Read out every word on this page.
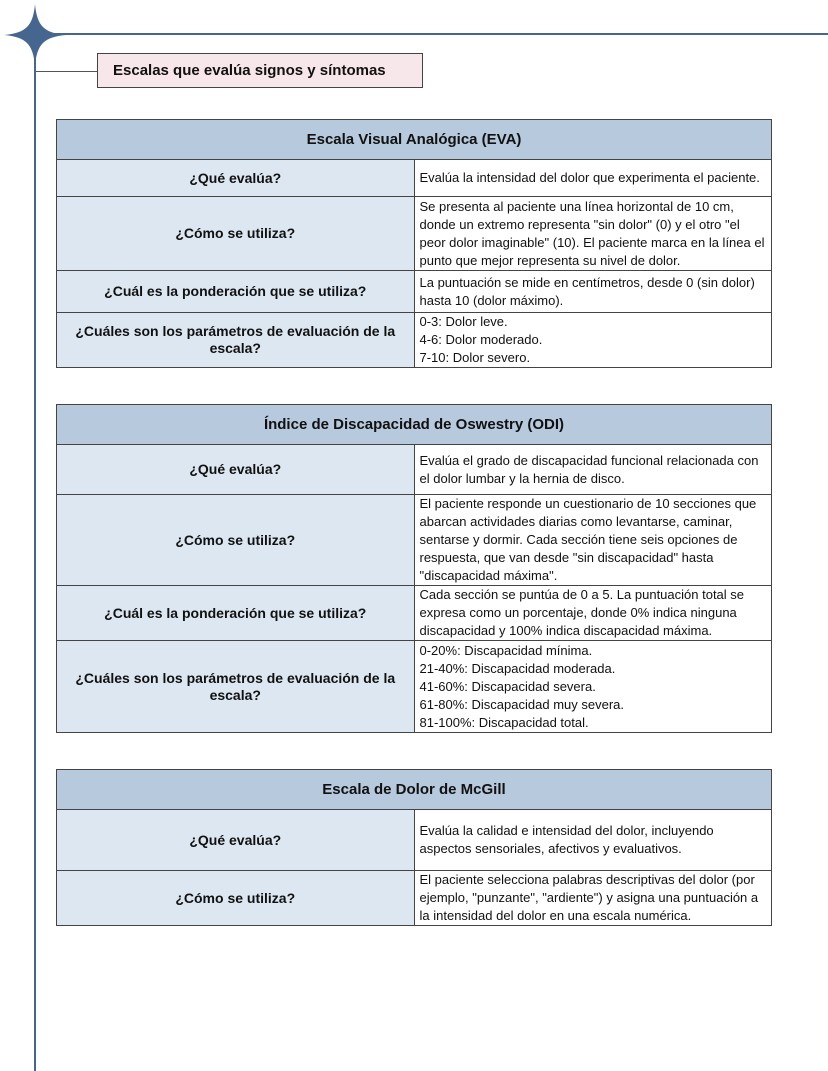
Escalas que evalúa signos y síntomas
Escala Visual Analógica (EVA)	
¿Qué evalúa?	Evalúa la intensidad del dolor que experimenta el paciente.
¿Cómo se utiliza?	Se presenta al paciente una línea horizontal de 10 cm, donde un extremo representa "sin dolor" (0) y el otro "el peor dolor imaginable" (10). El paciente marca en la línea el punto que mejor representa su nivel de dolor.
¿Cuál es la ponderación que se utiliza?	La puntuación se mide en centímetros, desde 0 (sin dolor) hasta 10 (dolor máximo).
¿Cuáles son los parámetros de evaluación de la escala?	0-3: Dolor leve.
4-6: Dolor moderado.
7-10: Dolor severo.
Índice de Discapacidad de Oswestry (ODI)	
¿Qué evalúa?	Evalúa el grado de discapacidad funcional relacionada con el dolor lumbar y la hernia de disco.
¿Cómo se utiliza?	El paciente responde un cuestionario de 10 secciones que abarcan actividades diarias como levantarse, caminar, sentarse y dormir. Cada sección tiene seis opciones de respuesta, que van desde "sin discapacidad" hasta "discapacidad máxima".
¿Cuál es la ponderación que se utiliza?	Cada sección se puntúa de 0 a 5. La puntuación total se expresa como un porcentaje, donde 0% indica ninguna discapacidad y 100% indica discapacidad máxima.
¿Cuáles son los parámetros de evaluación de la escala?	0-20%: Discapacidad mínima.
21-40%: Discapacidad moderada.
41-60%: Discapacidad severa.
61-80%: Discapacidad muy severa.
81-100%: Discapacidad total.
Escala de Dolor de McGill	
¿Qué evalúa?	Evalúa la calidad e intensidad del dolor, incluyendo aspectos sensoriales, afectivos y evaluativos.
¿Cómo se utiliza?	El paciente selecciona palabras descriptivas del dolor (por ejemplo, "punzante", "ardiente") y asigna una puntuación a la intensidad del dolor en una escala numérica.
